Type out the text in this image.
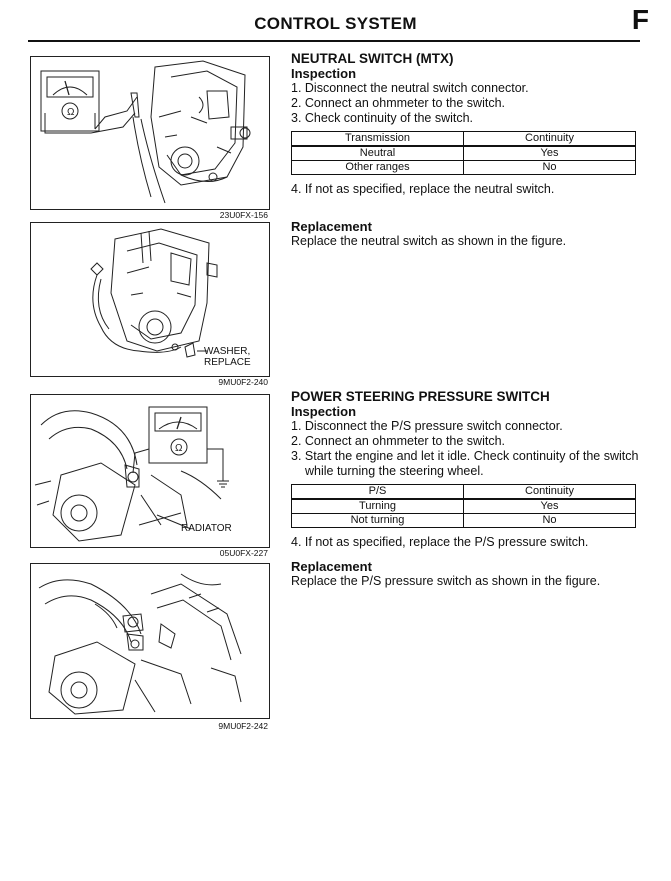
CONTROL SYSTEM	F
Ω
23U0FX-156
WASHER,
REPLACE
9MU0F2-240
Ω
RADIATOR
05U0FX-227
9MU0F2-242

NEUTRAL SWITCH (MTX)

Inspection

1. Disconnect the neutral switch connector.

2. Connect an ohmmeter to the switch.

3. Check continuity of the switch.

Transmission	Continuity
Neutral	Yes
Other ranges	No

4. If not as specified, replace the neutral switch.

Replacement

Replace the neutral switch as shown in the figure.

POWER STEERING PRESSURE SWITCH

Inspection

1. Disconnect the P/S pressure switch connector.

2. Connect an ohmmeter to the switch.

3. Start the engine and let it idle. Check continuity of the switch while turning the steering wheel.

P/S	Continuity
Turning	Yes
Not turning	No

4. If not as specified, replace the P/S pressure switch.

Replacement

Replace the P/S pressure switch as shown in the figure.
